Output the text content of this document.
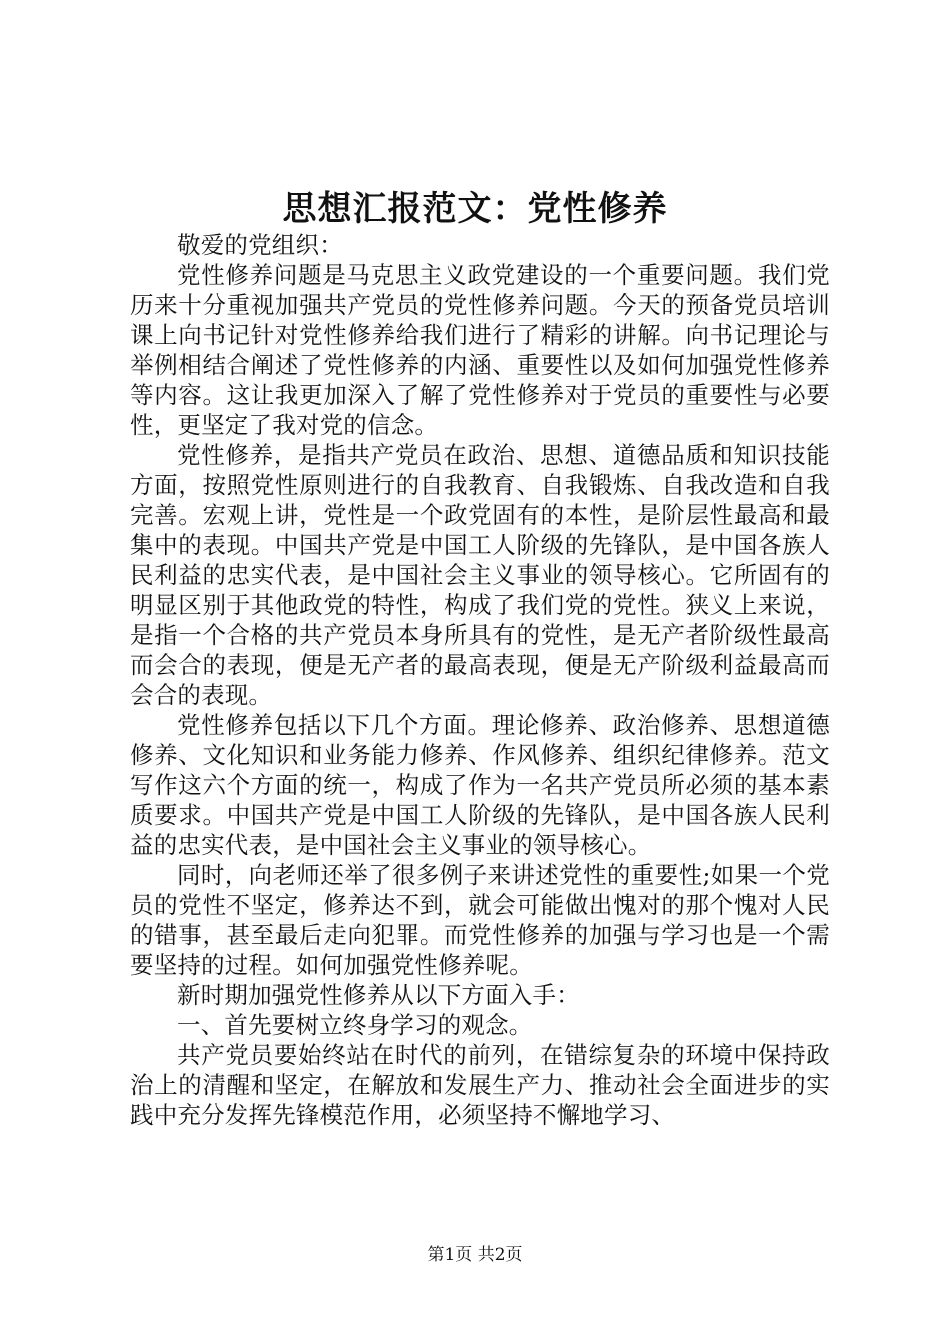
思想汇报范文：党性修养

敬爱的党组织：

党性修养问题是马克思主义政党建设的一个重要问题。我们党历来十分重视加强共产党员的党性修养问题。今天的预备党员培训课上向书记针对党性修养给我们进行了精彩的讲解。向书记理论与举例相结合阐述了党性修养的内涵、重要性以及如何加强党性修养等内容。这让我更加深入了解了党性修养对于党员的重要性与必要性，更坚定了我对党的信念。

党性修养，是指共产党员在政治、思想、道德品质和知识技能方面，按照党性原则进行的自我教育、自我锻炼、自我改造和自我完善。宏观上讲，党性是一个政党固有的本性，是阶层性最高和最集中的表现。中国共产党是中国工人阶级的先锋队，是中国各族人民利益的忠实代表，是中国社会主义事业的领导核心。它所固有的明显区别于其他政党的特性，构成了我们党的党性。狭义上来说，是指一个合格的共产党员本身所具有的党性，是无产者阶级性最高而会合的表现，便是无产者的最高表现，便是无产阶级利益最高而会合的表现。

党性修养包括以下几个方面。理论修养、政治修养、思想道德修养、文化知识和业务能力修养、作风修养、组织纪律修养。范文写作这六个方面的统一，构成了作为一名共产党员所必须的基本素质要求。中国共产党是中国工人阶级的先锋队，是中国各族人民利益的忠实代表，是中国社会主义事业的领导核心。

同时，向老师还举了很多例子来讲述党性的重要性;如果一个党员的党性不坚定，修养达不到，就会可能做出愧对的那个愧对人民的错事，甚至最后走向犯罪。而党性修养的加强与学习也是一个需要坚持的过程。如何加强党性修养呢。

新时期加强党性修养从以下方面入手：

一、首先要树立终身学习的观念。

共产党员要始终站在时代的前列，在错综复杂的环境中保持政治上的清醒和坚定，在解放和发展生产力、推动社会全面进步的实践中充分发挥先锋模范作用，必须坚持不懈地学习、

第1页 共2页
